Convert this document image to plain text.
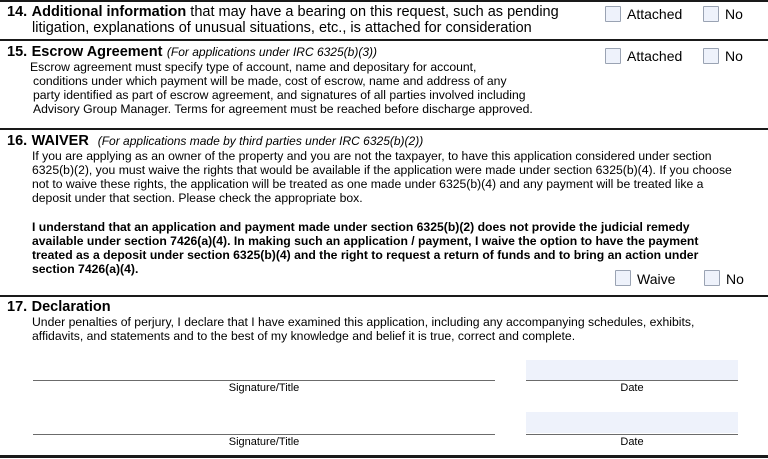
14. Additional information that may have a bearing on this request, such as pending
litigation, explanations of unusual situations, etc., is attached for consideration
Attached	No
15. Escrow Agreement (For applications under IRC 6325(b)(3))
Escrow agreement must specify type of account, name and depositary for account,
conditions under which payment will be made, cost of escrow, name and address of any
party identified as part of escrow agreement, and signatures of all parties involved including
Advisory Group Manager. Terms for agreement must be reached before discharge approved.
Attached	No
16. WAIVER (For applications made by third parties under IRC 6325(b)(2))
If you are applying as an owner of the property and you are not the taxpayer, to have this application considered under section
6325(b)(2), you must waive the rights that would be available if the application were made under section 6325(b)(4). If you choose
not to waive these rights, the application will be treated as one made under 6325(b)(4) and any payment will be treated like a
deposit under that section. Please check the appropriate box.
I understand that an application and payment made under section 6325(b)(2) does not provide the judicial remedy
available under section 7426(a)(4). In making such an application / payment, I waive the option to have the payment
treated as a deposit under section 6325(b)(4) and the right to request a return of funds and to bring an action under
section 7426(a)(4).
Waive	No
17. Declaration
Under penalties of perjury, I declare that I have examined this application, including any accompanying schedules, exhibits,
affidavits, and statements and to the best of my knowledge and belief it is true, correct and complete.
Signature/Title	Date
Signature/Title	Date
